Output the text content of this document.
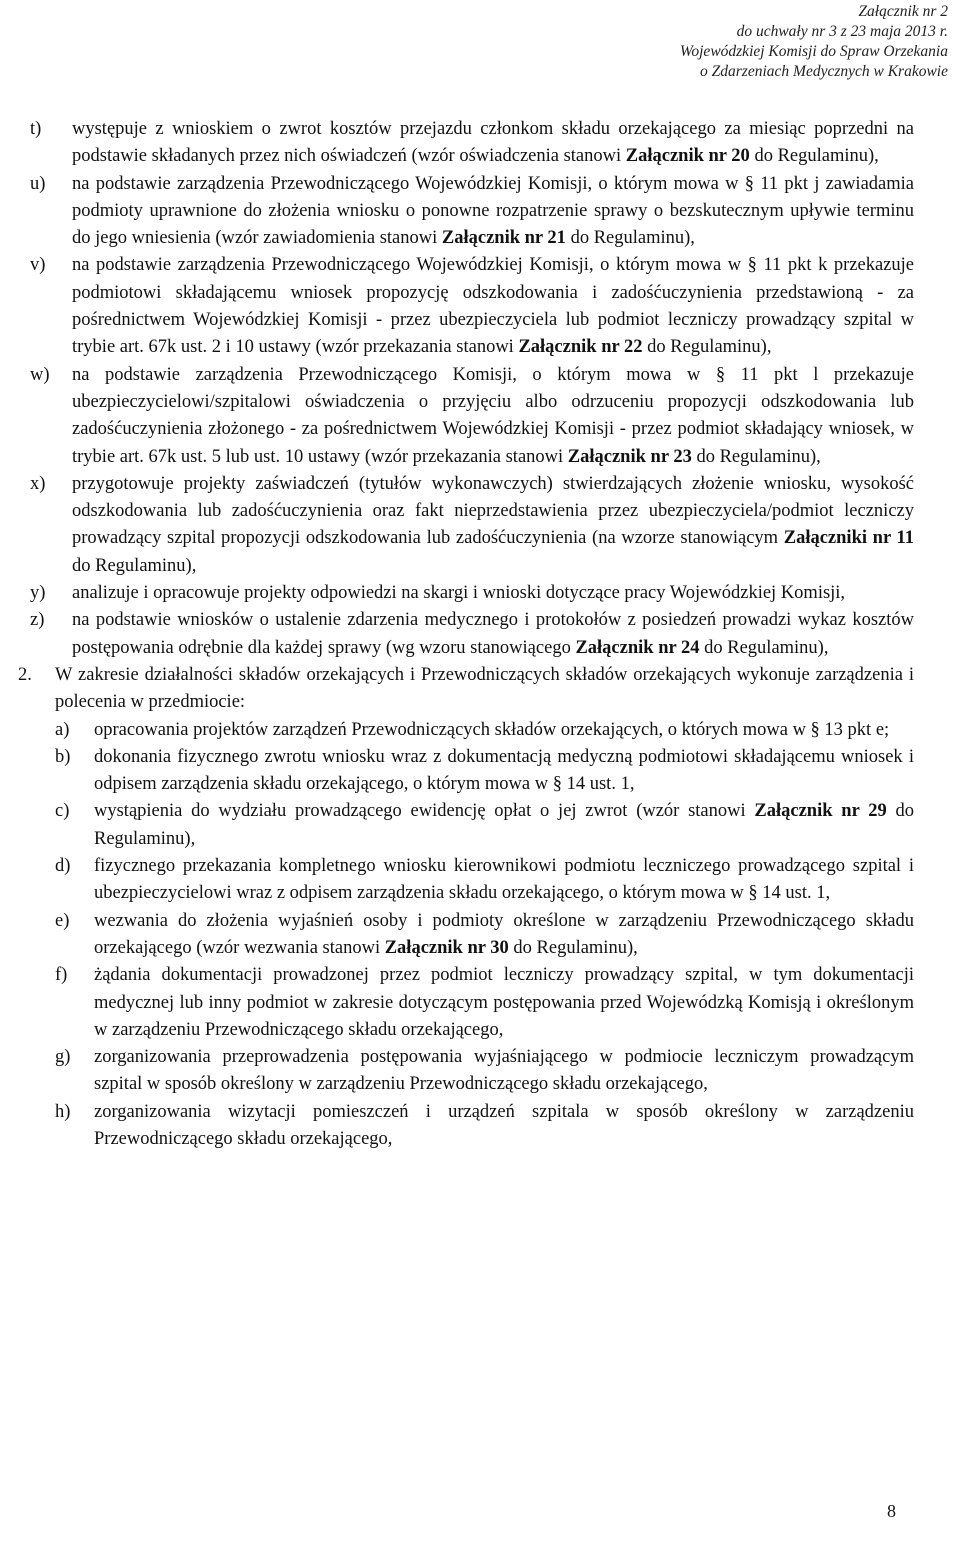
Załącznik nr 2
do uchwały nr 3 z 23 maja 2013 r.
Wojewódzkiej Komisji do Spraw Orzekania
o Zdarzeniach Medycznych w Krakowie
t)	występuje z wnioskiem o zwrot kosztów przejazdu członkom składu orzekającego za miesiąc poprzedni na podstawie składanych przez nich oświadczeń (wzór oświadczenia stanowi Załącznik nr 20 do Regulaminu),
u)	na podstawie zarządzenia Przewodniczącego Wojewódzkiej Komisji, o którym mowa w § 11 pkt j zawiadamia podmioty uprawnione do złożenia wniosku o ponowne rozpatrzenie sprawy o bezskutecznym upływie terminu do jego wniesienia (wzór zawiadomienia stanowi Załącznik nr 21 do Regulaminu),
v)	na podstawie zarządzenia Przewodniczącego Wojewódzkiej Komisji, o którym mowa w § 11 pkt k przekazuje podmiotowi składającemu wniosek propozycję odszkodowania i zadośćuczynienia przedstawioną - za pośrednictwem Wojewódzkiej Komisji - przez ubezpieczyciela lub podmiot leczniczy prowadzący szpital w trybie art. 67k ust. 2 i 10 ustawy (wzór przekazania stanowi Załącznik nr 22 do Regulaminu),
w)	na podstawie zarządzenia Przewodniczącego Komisji, o którym mowa w § 11 pkt l przekazuje ubezpieczycielowi/szpitalowi oświadczenia o przyjęciu albo odrzuceniu propozycji odszkodowania lub zadośćuczynienia złożonego - za pośrednictwem Wojewódzkiej Komisji - przez podmiot składający wniosek, w trybie art. 67k ust. 5 lub ust. 10 ustawy (wzór przekazania stanowi Załącznik nr 23 do Regulaminu),
x)	przygotowuje projekty zaświadczeń (tytułów wykonawczych) stwierdzających złożenie wniosku, wysokość odszkodowania lub zadośćuczynienia oraz fakt nieprzedstawienia przez ubezpieczyciela/podmiot leczniczy prowadzący szpital propozycji odszkodowania lub zadośćuczynienia (na wzorze stanowiącym Załączniki nr 11 do Regulaminu),
y)	analizuje i opracowuje projekty odpowiedzi na skargi i wnioski dotyczące pracy Wojewódzkiej Komisji,
z)	na podstawie wniosków o ustalenie zdarzenia medycznego i protokołów z posiedzeń prowadzi wykaz kosztów postępowania odrębnie dla każdej sprawy (wg wzoru stanowiącego Załącznik nr 24 do Regulaminu),
2.	W zakresie działalności składów orzekających i Przewodniczących składów orzekających wykonuje zarządzenia i polecenia w przedmiocie:
a)	opracowania projektów zarządzeń Przewodniczących składów orzekających, o których mowa w § 13 pkt e;
b)	dokonania fizycznego zwrotu wniosku wraz z dokumentacją medyczną podmiotowi składającemu wniosek i odpisem zarządzenia składu orzekającego, o którym mowa w § 14 ust. 1,
c)	wystąpienia do wydziału prowadzącego ewidencję opłat o jej zwrot (wzór stanowi Załącznik nr 29 do Regulaminu),
d)	fizycznego przekazania kompletnego wniosku kierownikowi podmiotu leczniczego prowadzącego szpital i ubezpieczycielowi wraz z odpisem zarządzenia składu orzekającego, o którym mowa w § 14 ust. 1,
e)	wezwania do złożenia wyjaśnień osoby i podmioty określone w zarządzeniu Przewodniczącego składu orzekającego (wzór wezwania stanowi Załącznik nr 30 do Regulaminu),
f)	żądania dokumentacji prowadzonej przez podmiot leczniczy prowadzący szpital, w tym dokumentacji medycznej lub inny podmiot w zakresie dotyczącym postępowania przed Wojewódzką Komisją i określonym w zarządzeniu Przewodniczącego składu orzekającego,
g)	zorganizowania przeprowadzenia postępowania wyjaśniającego w podmiocie leczniczym prowadzącym szpital w sposób określony w zarządzeniu Przewodniczącego składu orzekającego,
h)	zorganizowania wizytacji pomieszczeń i urządzeń szpitala w sposób określony w zarządzeniu Przewodniczącego składu orzekającego,
8
